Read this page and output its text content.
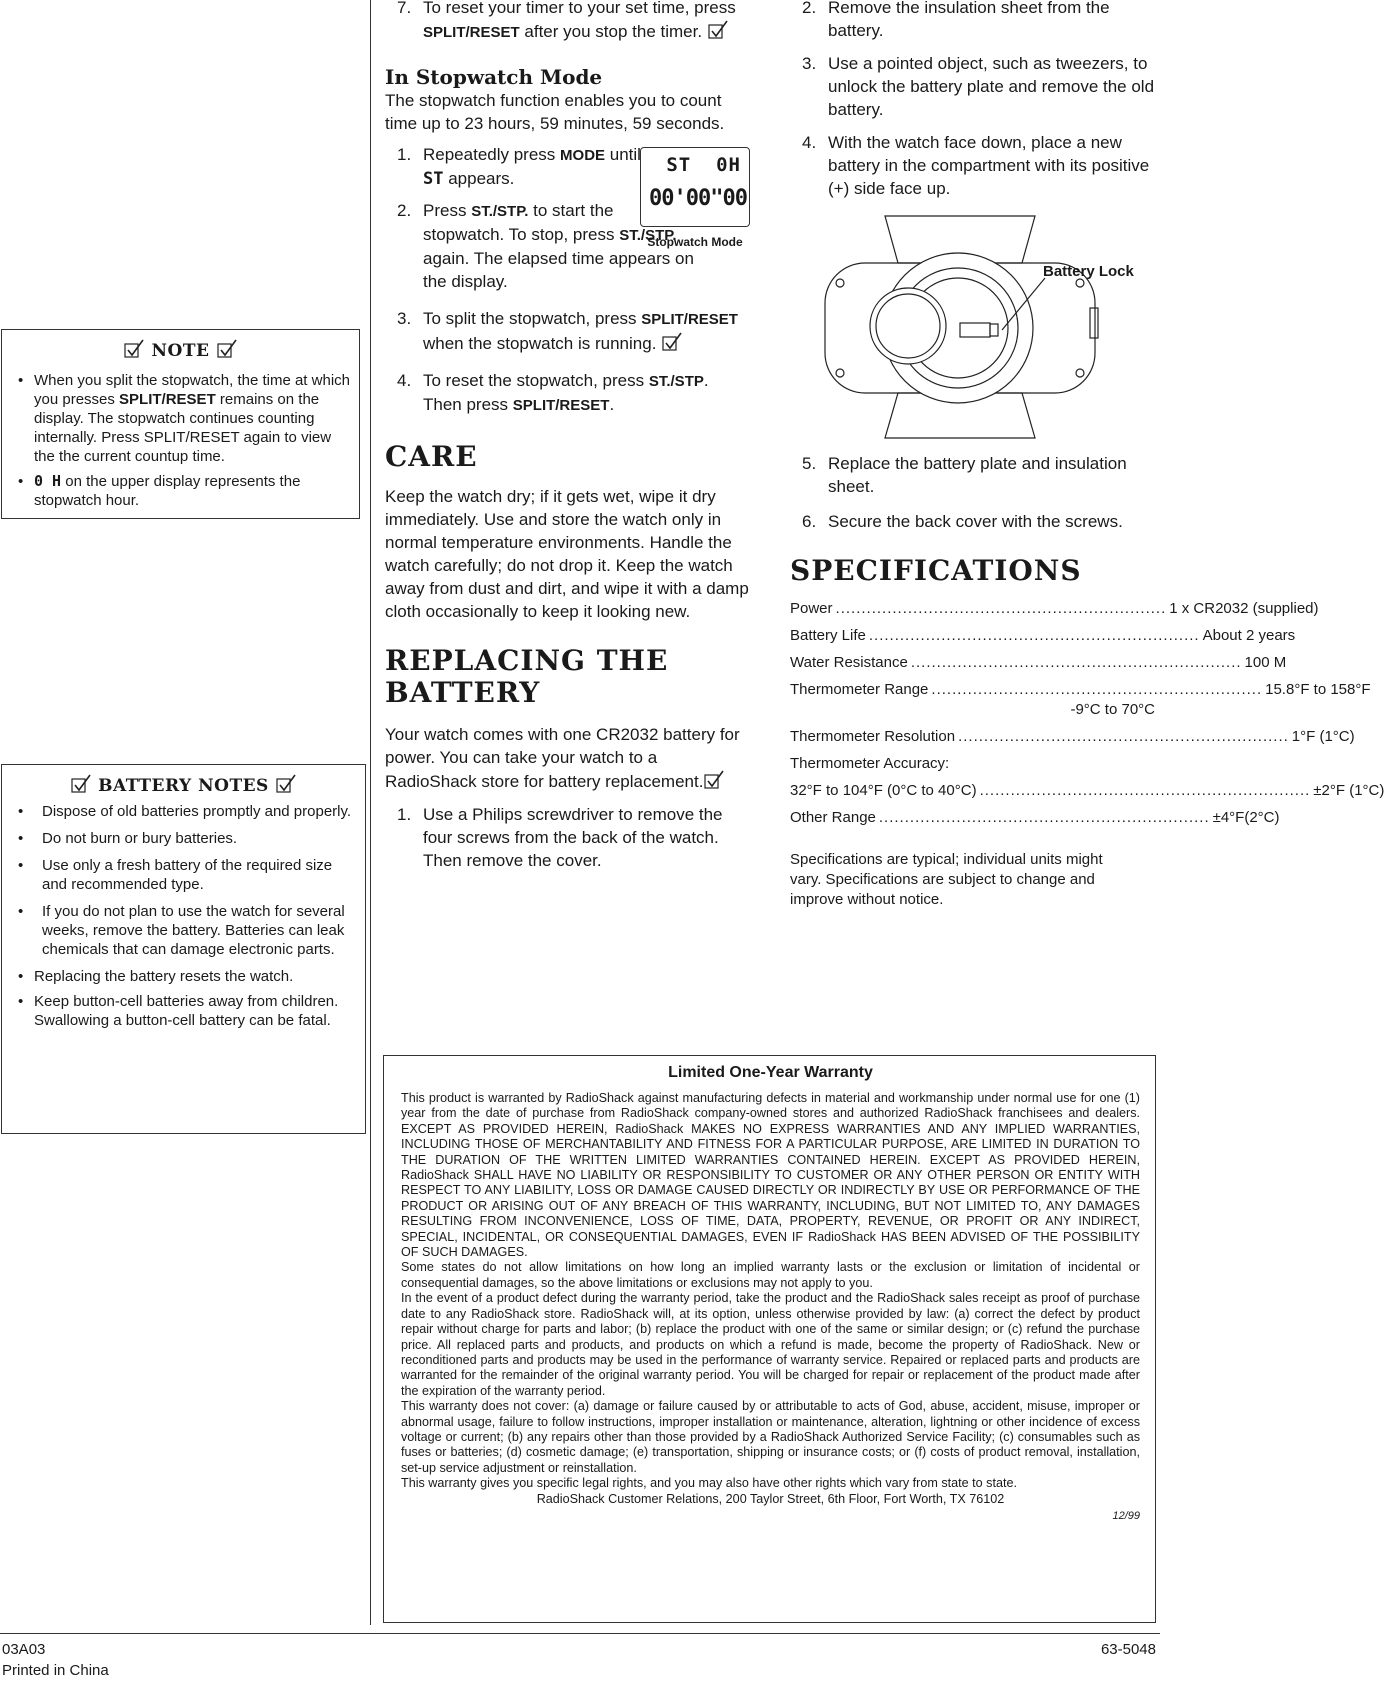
NOTE
• When you split the stopwatch, the time at which you presses SPLIT/RESET remains on the display. The stopwatch continues counting internally. Press SPLIT/RESET again to view the the current countup time.
• 0 H on the upper display represents the stopwatch hour.
BATTERY NOTES
• Dispose of old batteries promptly and properly.
• Do not burn or bury batteries.
• Use only a fresh battery of the required size and recommended type.
• If you do not plan to use the watch for several weeks, remove the battery. Batteries can leak chemicals that can damage electronic parts.
• Replacing the battery resets the watch.
• Keep button-cell batteries away from children. Swallowing a button-cell battery can be fatal.
7. To reset your timer to your set time, press SPLIT/RESET after you stop the timer.
In Stopwatch Mode
The stopwatch function enables you to count time up to 23 hours, 59 minutes, 59 seconds.
ST  0H
00'00"00
Stopwatch Mode
1. Repeatedly press MODE until ST appears.
2. Press ST./STP. to start the stopwatch. To stop, press ST./STP. again. The elapsed time appears on the display.
3. To split the stopwatch, press SPLIT/RESET when the stopwatch is running.
4. To reset the stopwatch, press ST./STP. Then press SPLIT/RESET.
CARE
Keep the watch dry; if it gets wet, wipe it dry immediately. Use and store the watch only in normal temperature environments. Handle the watch carefully; do not drop it. Keep the watch away from dust and dirt, and wipe it with a damp cloth occasionally to keep it looking new.
REPLACING THE
BATTERY
Your watch comes with one CR2032 battery for power. You can take your watch to a RadioShack store for battery replacement.
1. Use a Philips screwdriver to remove the four screws from the back of the watch. Then remove the cover.
2. Remove the insulation sheet from the battery.
3. Use a pointed object, such as tweezers, to unlock the battery plate and remove the old battery.
4. With the watch face down, place a new battery in the compartment with its positive (+) side face up.
Battery Lock
5. Replace the battery plate and insulation sheet.
6. Secure the back cover with the screws.
SPECIFICATIONS
Power ................................................................ 1 x CR2032 (supplied)
Battery Life ................................................................ About 2 years
Water Resistance ................................................................ 100 M
Thermometer Range ................................................................ 15.8°F to 158°F
-9°C to 70°C
Thermometer Resolution ................................................................ 1°F (1°C)
Thermometer Accuracy:
32°F to 104°F (0°C to 40°C) ................................................................ ±2°F (1°C)
Other Range ................................................................ ±4°F(2°C)
Specifications are typical; individual units might vary. Specifications are subject to change and improve without notice.
Limited One-Year Warranty

This product is warranted by RadioShack against manufacturing defects in material and workmanship under normal use for one (1) year from the date of purchase from RadioShack company-owned stores and authorized RadioShack franchisees and dealers. EXCEPT AS PROVIDED HEREIN, RadioShack MAKES NO EXPRESS WARRANTIES AND ANY IMPLIED WARRANTIES, INCLUDING THOSE OF MERCHANTABILITY AND FITNESS FOR A PARTICULAR PURPOSE, ARE LIMITED IN DURATION TO THE DURATION OF THE WRITTEN LIMITED WARRANTIES CONTAINED HEREIN. EXCEPT AS PROVIDED HEREIN, RadioShack SHALL HAVE NO LIABILITY OR RESPONSIBILITY TO CUSTOMER OR ANY OTHER PERSON OR ENTITY WITH RESPECT TO ANY LIABILITY, LOSS OR DAMAGE CAUSED DIRECTLY OR INDIRECTLY BY USE OR PERFORMANCE OF THE PRODUCT OR ARISING OUT OF ANY BREACH OF THIS WARRANTY, INCLUDING, BUT NOT LIMITED TO, ANY DAMAGES RESULTING FROM INCONVENIENCE, LOSS OF TIME, DATA, PROPERTY, REVENUE, OR PROFIT OR ANY INDIRECT, SPECIAL, INCIDENTAL, OR CONSEQUENTIAL DAMAGES, EVEN IF RadioShack HAS BEEN ADVISED OF THE POSSIBILITY OF SUCH DAMAGES.

Some states do not allow limitations on how long an implied warranty lasts or the exclusion or limitation of incidental or consequential damages, so the above limitations or exclusions may not apply to you.

In the event of a product defect during the warranty period, take the product and the RadioShack sales receipt as proof of purchase date to any RadioShack store. RadioShack will, at its option, unless otherwise provided by law: (a) correct the defect by product repair without charge for parts and labor; (b) replace the product with one of the same or similar design; or (c) refund the purchase price. All replaced parts and products, and products on which a refund is made, become the property of RadioShack. New or reconditioned parts and products may be used in the performance of warranty service. Repaired or replaced parts and products are warranted for the remainder of the original warranty period. You will be charged for repair or replacement of the product made after the expiration of the warranty period.

This warranty does not cover: (a) damage or failure caused by or attributable to acts of God, abuse, accident, misuse, improper or abnormal usage, failure to follow instructions, improper installation or maintenance, alteration, lightning or other incidence of excess voltage or current; (b) any repairs other than those provided by a RadioShack Authorized Service Facility; (c) consumables such as fuses or batteries; (d) cosmetic damage; (e) transportation, shipping or insurance costs; or (f) costs of product removal, installation, set-up service adjustment or reinstallation.

This warranty gives you specific legal rights, and you may also have other rights which vary from state to state.

RadioShack Customer Relations, 200 Taylor Street, 6th Floor, Fort Worth, TX 76102

12/99

03A03
Printed in China
63-5048
